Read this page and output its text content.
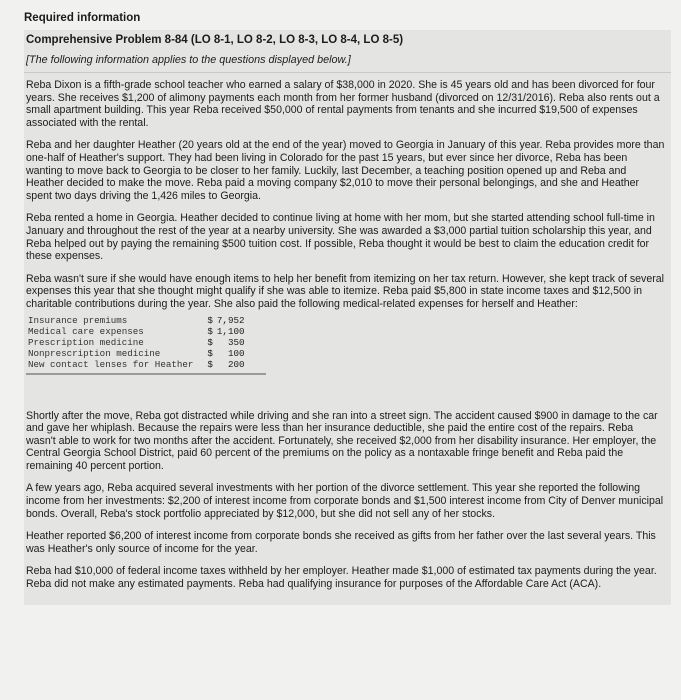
Required information
Comprehensive Problem 8-84 (LO 8-1, LO 8-2, LO 8-3, LO 8-4, LO 8-5)
[The following information applies to the questions displayed below.]

Reba Dixon is a fifth-grade school teacher who earned a salary of $38,000 in 2020. She is 45 years old and has been divorced for four years. She receives $1,200 of alimony payments each month from her former husband (divorced on 12/31/2016). Reba also rents out a small apartment building. This year Reba received $50,000 of rental payments from tenants and she incurred $19,500 of expenses associated with the rental.

Reba and her daughter Heather (20 years old at the end of the year) moved to Georgia in January of this year. Reba provides more than one-half of Heather's support. They had been living in Colorado for the past 15 years, but ever since her divorce, Reba has been wanting to move back to Georgia to be closer to her family. Luckily, last December, a teaching position opened up and Reba and Heather decided to make the move. Reba paid a moving company $2,010 to move their personal belongings, and she and Heather spent two days driving the 1,426 miles to Georgia.

Reba rented a home in Georgia. Heather decided to continue living at home with her mom, but she started attending school full-time in January and throughout the rest of the year at a nearby university. She was awarded a $3,000 partial tuition scholarship this year, and Reba helped out by paying the remaining $500 tuition cost. If possible, Reba thought it would be best to claim the education credit for these expenses.

Reba wasn't sure if she would have enough items to help her benefit from itemizing on her tax return. However, she kept track of several expenses this year that she thought might qualify if she was able to itemize. Reba paid $5,800 in state income taxes and $12,500 in charitable contributions during the year. She also paid the following medical-related expenses for herself and Heather:

Insurance premiums	$	7,952
Medical care expenses	$	1,100
Prescription medicine	$	350
Nonprescription medicine	$	100
New contact lenses for Heather	$	200

Shortly after the move, Reba got distracted while driving and she ran into a street sign. The accident caused $900 in damage to the car and gave her whiplash. Because the repairs were less than her insurance deductible, she paid the entire cost of the repairs. Reba wasn't able to work for two months after the accident. Fortunately, she received $2,000 from her disability insurance. Her employer, the Central Georgia School District, paid 60 percent of the premiums on the policy as a nontaxable fringe benefit and Reba paid the remaining 40 percent portion.

A few years ago, Reba acquired several investments with her portion of the divorce settlement. This year she reported the following income from her investments: $2,200 of interest income from corporate bonds and $1,500 interest income from City of Denver municipal bonds. Overall, Reba's stock portfolio appreciated by $12,000, but she did not sell any of her stocks.

Heather reported $6,200 of interest income from corporate bonds she received as gifts from her father over the last several years. This was Heather's only source of income for the year.

Reba had $10,000 of federal income taxes withheld by her employer. Heather made $1,000 of estimated tax payments during the year. Reba did not make any estimated payments. Reba had qualifying insurance for purposes of the Affordable Care Act (ACA).
